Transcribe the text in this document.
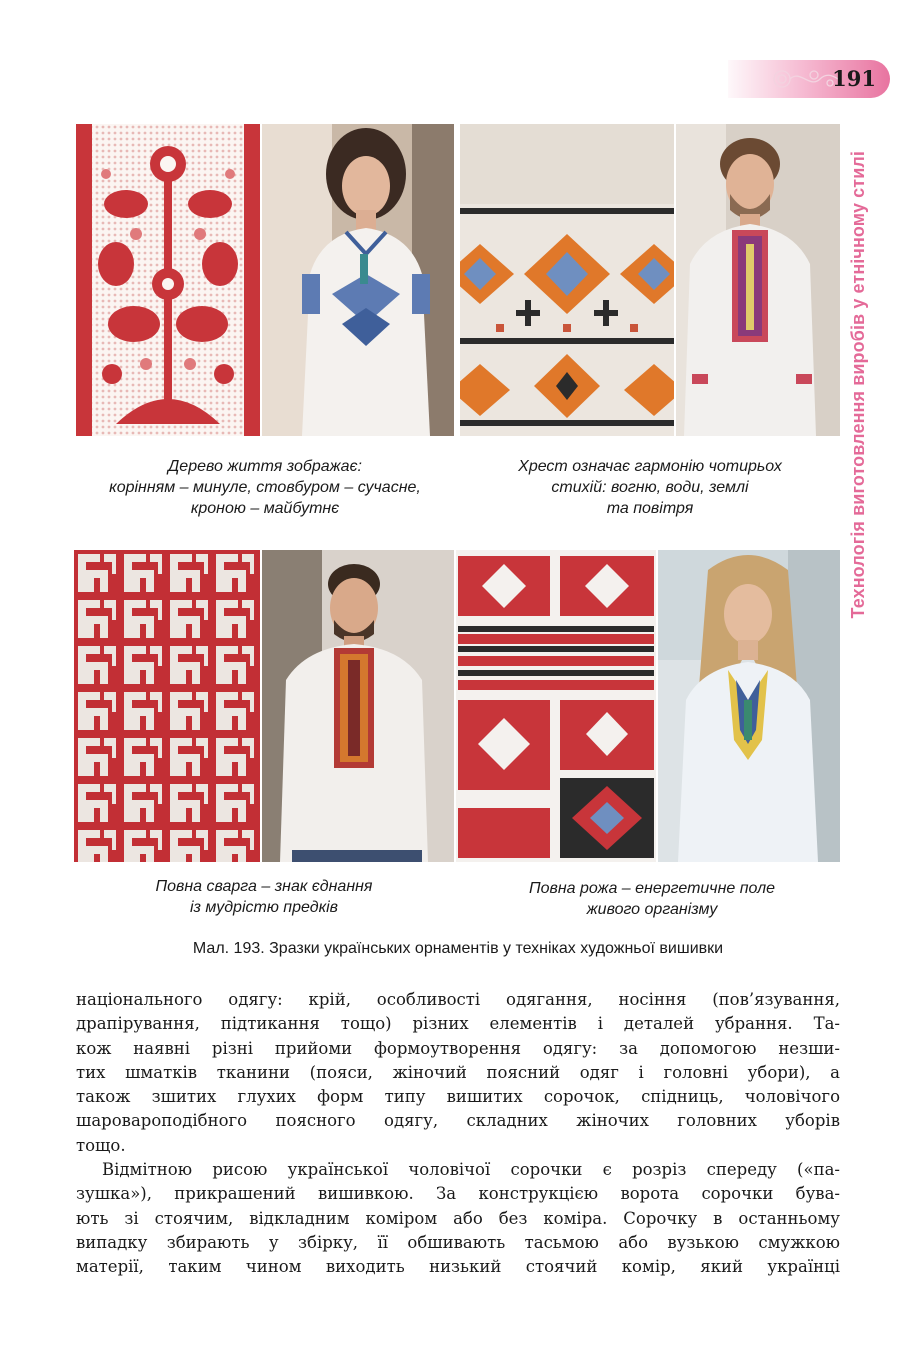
191
Технологія виготовлення виробів у етнічному стилі
Дерево життя зображає:
корінням – минуле, стовбуром – сучасне,
кроною – майбутнє
Хрест означає гармонію чотирьох
стихій: вогню, води, землі
та повітря
Повна сварга – знак єднання
із мудрістю предків
Повна рожа – енергетичне поле
живого організму
Мал. 193. Зразки українських орнаментів у техніках художньої вишивки
національного одягу: крій, особливості одягання, носіння (пов’язування,
драпірування, підтикання тощо) різних елементів і деталей убрання. Та-
кож наявні різні прийоми формоутворення одягу: за допомогою незши-
тих шматків тканини (пояси, жіночий поясний одяг і головні убори), а
також зшитих глухих форм типу вишитих сорочок, спідниць, чоловічого
шаровароподібного поясного одягу, складних жіночих головних уборів
тощо.
Відмітною рисою української чоловічої сорочки є розріз спереду («па-
зушка»), прикрашений вишивкою. За конструкцією ворота сорочки бува-
ють зі стоячим, відкладним коміром або без коміра. Сорочку в останньому
випадку збирають у збірку, її обшивають тасьмою або вузькою смужкою
матерії, таким чином виходить низький стоячий комір, який українці
